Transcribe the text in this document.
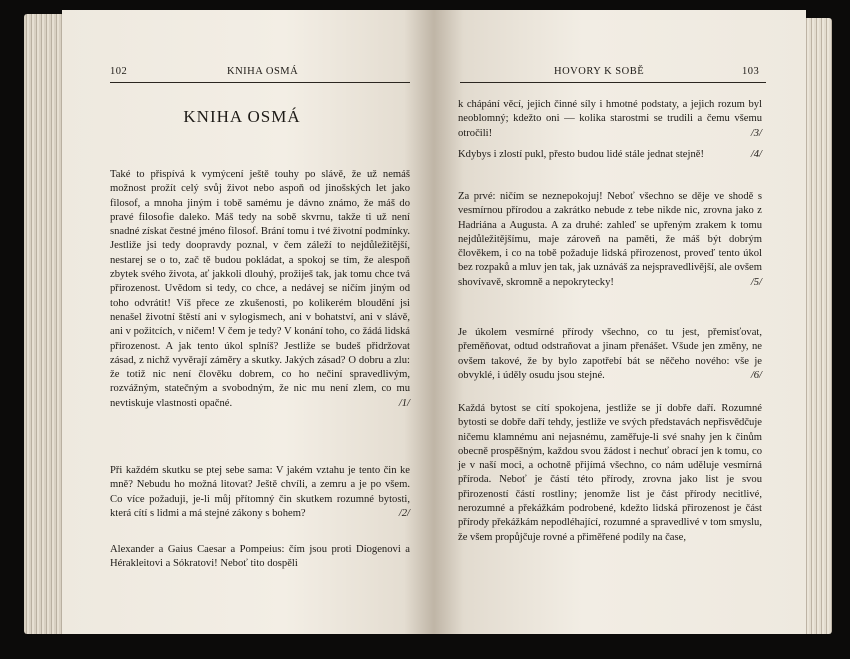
102	KNIHA OSMÁ
KNIHA OSMÁ

Také to přispívá k vymýcení ještě touhy po slávě, že už nemáš možnost prožít celý svůj život nebo aspoň od jinošských let jako filosof, a mnoha jiným i tobě samému je dávno známo, že máš do pravé filosofie daleko. Máš tedy na sobě skvrnu, takže ti už není snadné získat čestné jméno filosof. Brání tomu i tvé životní podmínky. Jestliže jsi tedy doopravdy poznal, v čem záleží to nejdůležitější, nestarej se o to, zač tě budou pokládat, a spokoj se tím, že alespoň zbytek svého života, ať jakkoli dlouhý, prožiješ tak, jak tomu chce tvá přirozenost. Uvědom si tedy, co chce, a nedávej se ničím jiným od toho odvrátit! Víš přece ze zkušenosti, po kolikerém bloudění jsi nenašel životní štěstí ani v sylogismech, ani v bohatství, ani v slávě, ani v požitcích, v ničem! V čem je tedy? V konání toho, co žádá lidská přirozenost. A jak tento úkol splníš? Jestliže se budeš přidržovat zásad, z nichž vyvěrají záměry a skutky. Jakých zásad? O dobru a zlu: že totiž nic není člověku dobrem, co ho nečiní spravedlivým, rozvážným, statečným a svobodným, že nic mu není zlem, co mu nevtiskuje vlastnosti opačné.	/1/

Při každém skutku se ptej sebe sama: V jakém vztahu je tento čin ke mně? Nebudu ho možná litovat? Ještě chvíli, a zemru a je po všem. Co více požaduji, je-li můj přítomný čin skutkem rozumné bytosti, která cítí s lidmi a má stejné zákony s bohem?	/2/

Alexander a Gaius Caesar a Pompeius: čím jsou proti Diogenovi a Hérakleitovi a Sókratovi! Neboť tito dospěli

HOVORY K SOBĚ	103

k chápání věcí, jejich činné síly i hmotné podstaty, a jejich rozum byl neoblomný; kdežto oni — kolika starostmi se trudili a čemu všemu otročili!	/3/

Kdybys i zlostí pukl, přesto budou lidé stále jednat stejně!	/4/

Za prvé: ničím se neznepokojuj! Neboť všechno se děje ve shodě s vesmírnou přírodou a zakrátko nebude z tebe nikde nic, zrovna jako z Hadriána a Augusta. A za druhé: zahleď se upřeným zrakem k tomu nejdůležitějšímu, maje zároveň na paměti, že máš být dobrým člověkem, i co na tobě požaduje lidská přirozenost, proveď tento úkol bez rozpaků a mluv jen tak, jak uznáváš za nejspravedlivější, ale ovšem shovívavě, skromně a nepokrytecky!	/5/

Je úkolem vesmírné přírody všechno, co tu jest, přemisťovat, přeměňovat, odtud odstraňovat a jinam přenášet. Všude jen změny, ne ovšem takové, že by bylo zapotřebí bát se něčeho nového: vše je obvyklé, i úděly osudu jsou stejné.	/6/

Každá bytost se cítí spokojena, jestliže se jí dobře daří. Rozumné bytosti se dobře daří tehdy, jestliže ve svých představách nepřisvědčuje ničemu klamnému ani nejasnému, zaměřuje-li své snahy jen k činům obecně prospěšným, každou svou žádost i nechuť obrací jen k tomu, co je v naší moci, a ochotně přijímá všechno, co nám uděluje vesmírná příroda. Neboť je částí této přírody, zrovna jako list je svou přirozeností částí rostliny; jenomže list je část přírody necitlivé, nerozumné a překážkám podrobené, kdežto lidská přirozenost je část přírody překážkám nepodléhající, rozumné a spravedlivé v tom smyslu, že všem propůjčuje rovné a přiměřené podíly na čase,
